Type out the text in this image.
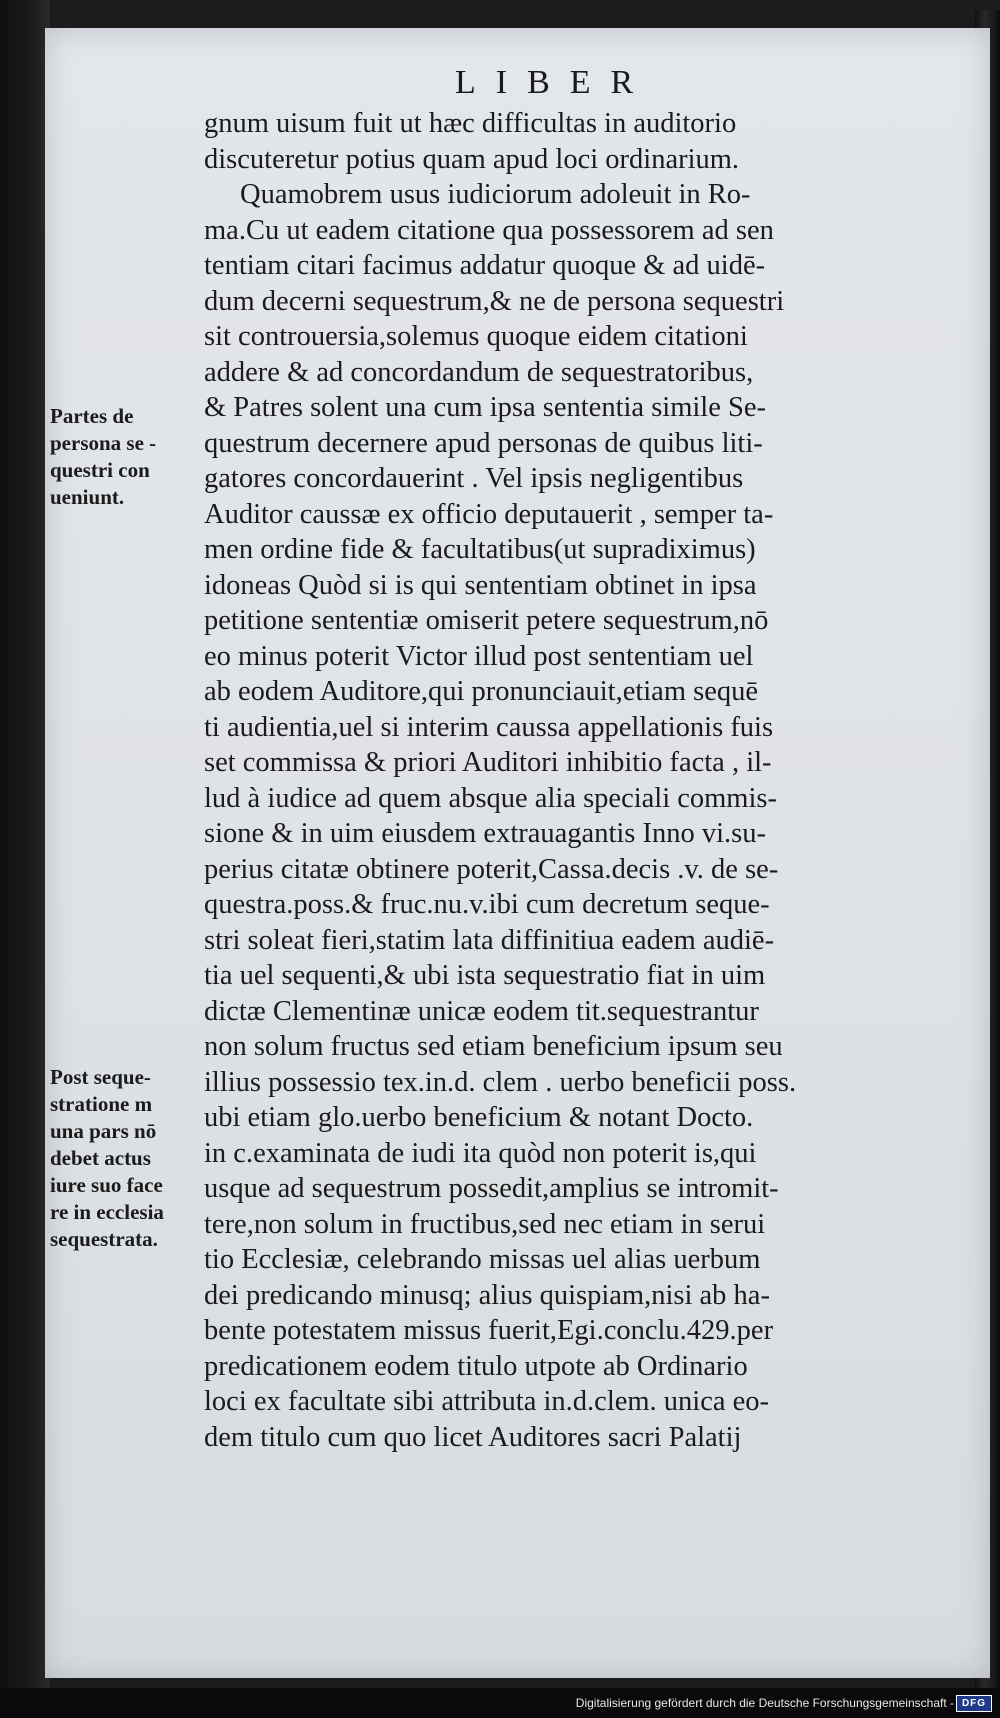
LIBER
gnum uisum fuit ut hæc difficultas in auditorio
discuteretur potius quam apud loci ordinarium.
Quamobrem usus iudiciorum adoleuit in Ro-
ma.Cu ut eadem citatione qua possessorem ad sen
tentiam citari facimus addatur quoque & ad uidē-
dum decerni sequestrum,& ne de persona sequestri
sit controuersia,solemus quoque eidem citationi
addere & ad concordandum de sequestratoribus,
& Patres solent una cum ipsa sententia simile Se-
questrum decernere apud personas de quibus liti-
gatores concordauerint . Vel ipsis negligentibus
Auditor caussæ ex officio deputauerit , semper ta-
men ordine fide & facultatibus(ut supradiximus)
idoneas Quòd si is qui sententiam obtinet in ipsa
petitione sententiæ omiserit petere sequestrum,nō
eo minus poterit Victor illud post sententiam uel
ab eodem Auditore,qui pronunciauit,etiam sequē
ti audientia,uel si interim caussa appellationis fuis
set commissa & priori Auditori inhibitio facta , il-
lud à iudice ad quem absque alia speciali commis-
sione & in uim eiusdem extrauagantis Inno vi.su-
perius citatæ obtinere poterit,Cassa.decis .v. de se-
questra.poss.& fruc.nu.v.ibi cum decretum seque-
stri soleat fieri,statim lata diffinitiua eadem audiē-
tia uel sequenti,& ubi ista sequestratio fiat in uim
dictæ Clementinæ unicæ eodem tit.sequestrantur
non solum fructus sed etiam beneficium ipsum seu
illius possessio tex.in.d. clem . uerbo beneficii poss.
ubi etiam glo.uerbo beneficium & notant Docto.
in c.examinata de iudi ita quòd non poterit is,qui
usque ad sequestrum possedit,amplius se intromit-
tere,non solum in fructibus,sed nec etiam in serui
tio Ecclesiæ, celebrando missas uel alias uerbum
dei predicando minusq; alius quispiam,nisi ab ha-
bente potestatem missus fuerit,Egi.conclu.429.per
predicationem eodem titulo utpote ab Ordinario
loci ex facultate sibi attributa in.d.clem. unica eo-
dem titulo cum quo licet Auditores sacri Palatij
Partes de
persona se -
questri con
ueniunt.
Post seque-
stratione m
una pars nō
debet actus
iure suo face
re in ecclesia
sequestrata.
Digitalisierung gefördert durch die Deutsche Forschungsgemeinschaft - DFG
